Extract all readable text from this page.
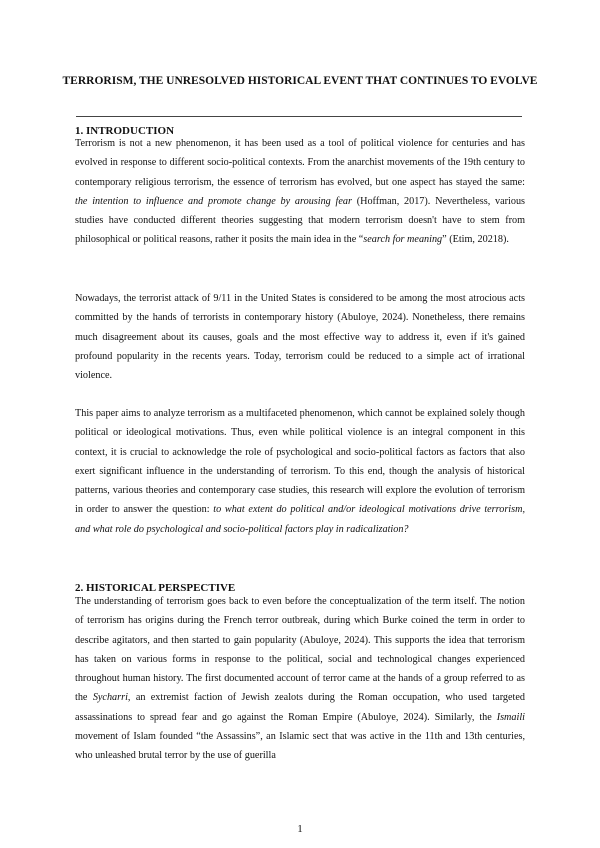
TERRORISM, THE UNRESOLVED HISTORICAL EVENT THAT CONTINUES TO EVOLVE
1. INTRODUCTION

Terrorism is not a new phenomenon, it has been used as a tool of political violence for centuries and has evolved in response to different socio-political contexts. From the anarchist movements of the 19th century to contemporary religious terrorism, the essence of terrorism has evolved, but one aspect has stayed the same: the intention to influence and promote change by arousing fear (Hoffman, 2017). Nevertheless, various studies have conducted different theories suggesting that modern terrorism doesn't have to stem from philosophical or political reasons, rather it posits the main idea in the “search for meaning” (Etim, 20218).

Nowadays, the terrorist attack of 9/11 in the United States is considered to be among the most atrocious acts committed by the hands of terrorists in contemporary history (Abuloye, 2024). Nonetheless, there remains much disagreement about its causes, goals and the most effective way to address it, even if it's gained profound popularity in the recents years. Today, terrorism could be reduced to a simple act of irrational violence.

This paper aims to analyze terrorism as a multifaceted phenomenon, which cannot be explained solely though political or ideological motivations. Thus, even while political violence is an integral component in this context, it is crucial to acknowledge the role of psychological and socio-political factors as factors that also exert significant influence in the understanding of terrorism. To this end, though the analysis of historical patterns, various theories and contemporary case studies, this research will explore the evolution of terrorism in order to answer the question: to what extent do political and/or ideological motivations drive terrorism, and what role do psychological and socio-political factors play in radicalization?

2. HISTORICAL PERSPECTIVE

The understanding of terrorism goes back to even before the conceptualization of the term itself. The notion of terrorism has origins during the French terror outbreak, during which Burke coined the term in order to describe agitators, and then started to gain popularity (Abuloye, 2024). This supports the idea that terrorism has taken on various forms in response to the political, social and technological changes experienced throughout human history. The first documented account of terror came at the hands of a group referred to as the Sycharri, an extremist faction of Jewish zealots during the Roman occupation, who used targeted assassinations to spread fear and go against the Roman Empire (Abuloye, 2024). Similarly, the Ismaili movement of Islam founded “the Assassins”, an Islamic sect that was active in the 11th and 13th centuries, who unleashed brutal terror by the use of guerilla

1
